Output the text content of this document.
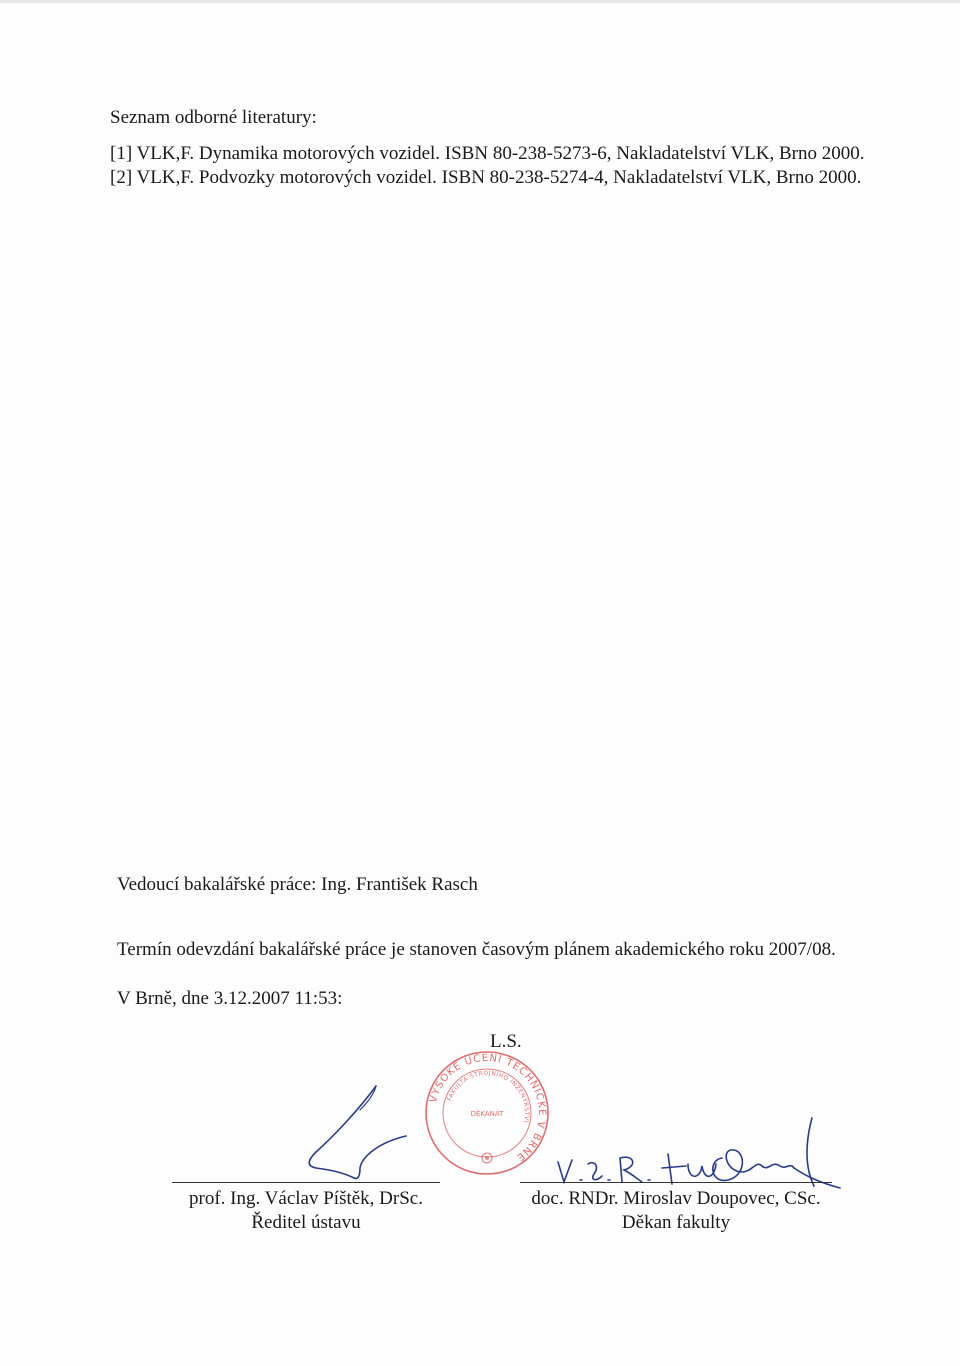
Seznam odborné literatury:

[1] VLK,F. Dynamika motorových vozidel. ISBN 80-238-5273-6, Nakladatelství VLK, Brno 2000.

[2] VLK,F. Podvozky motorových vozidel. ISBN 80-238-5274-4, Nakladatelství VLK, Brno 2000.

Vedoucí bakalářské práce: Ing. František Rasch
Termín odevzdání bakalářské práce je stanoven časovým plánem akademického roku 2007/08.
V Brně, dne 3.12.2007 11:53:
L.S.
VYSOKÉ UČENÍ TECHNICKÉ V BRNĚ
FAKULTA STROJNÍHO INŽENÝRSTVÍ
DĚKANÁT
prof. Ing. Václav Píštěk, DrSc.
Ředitel ústavu
doc. RNDr. Miroslav Doupovec, CSc.
Děkan fakulty
